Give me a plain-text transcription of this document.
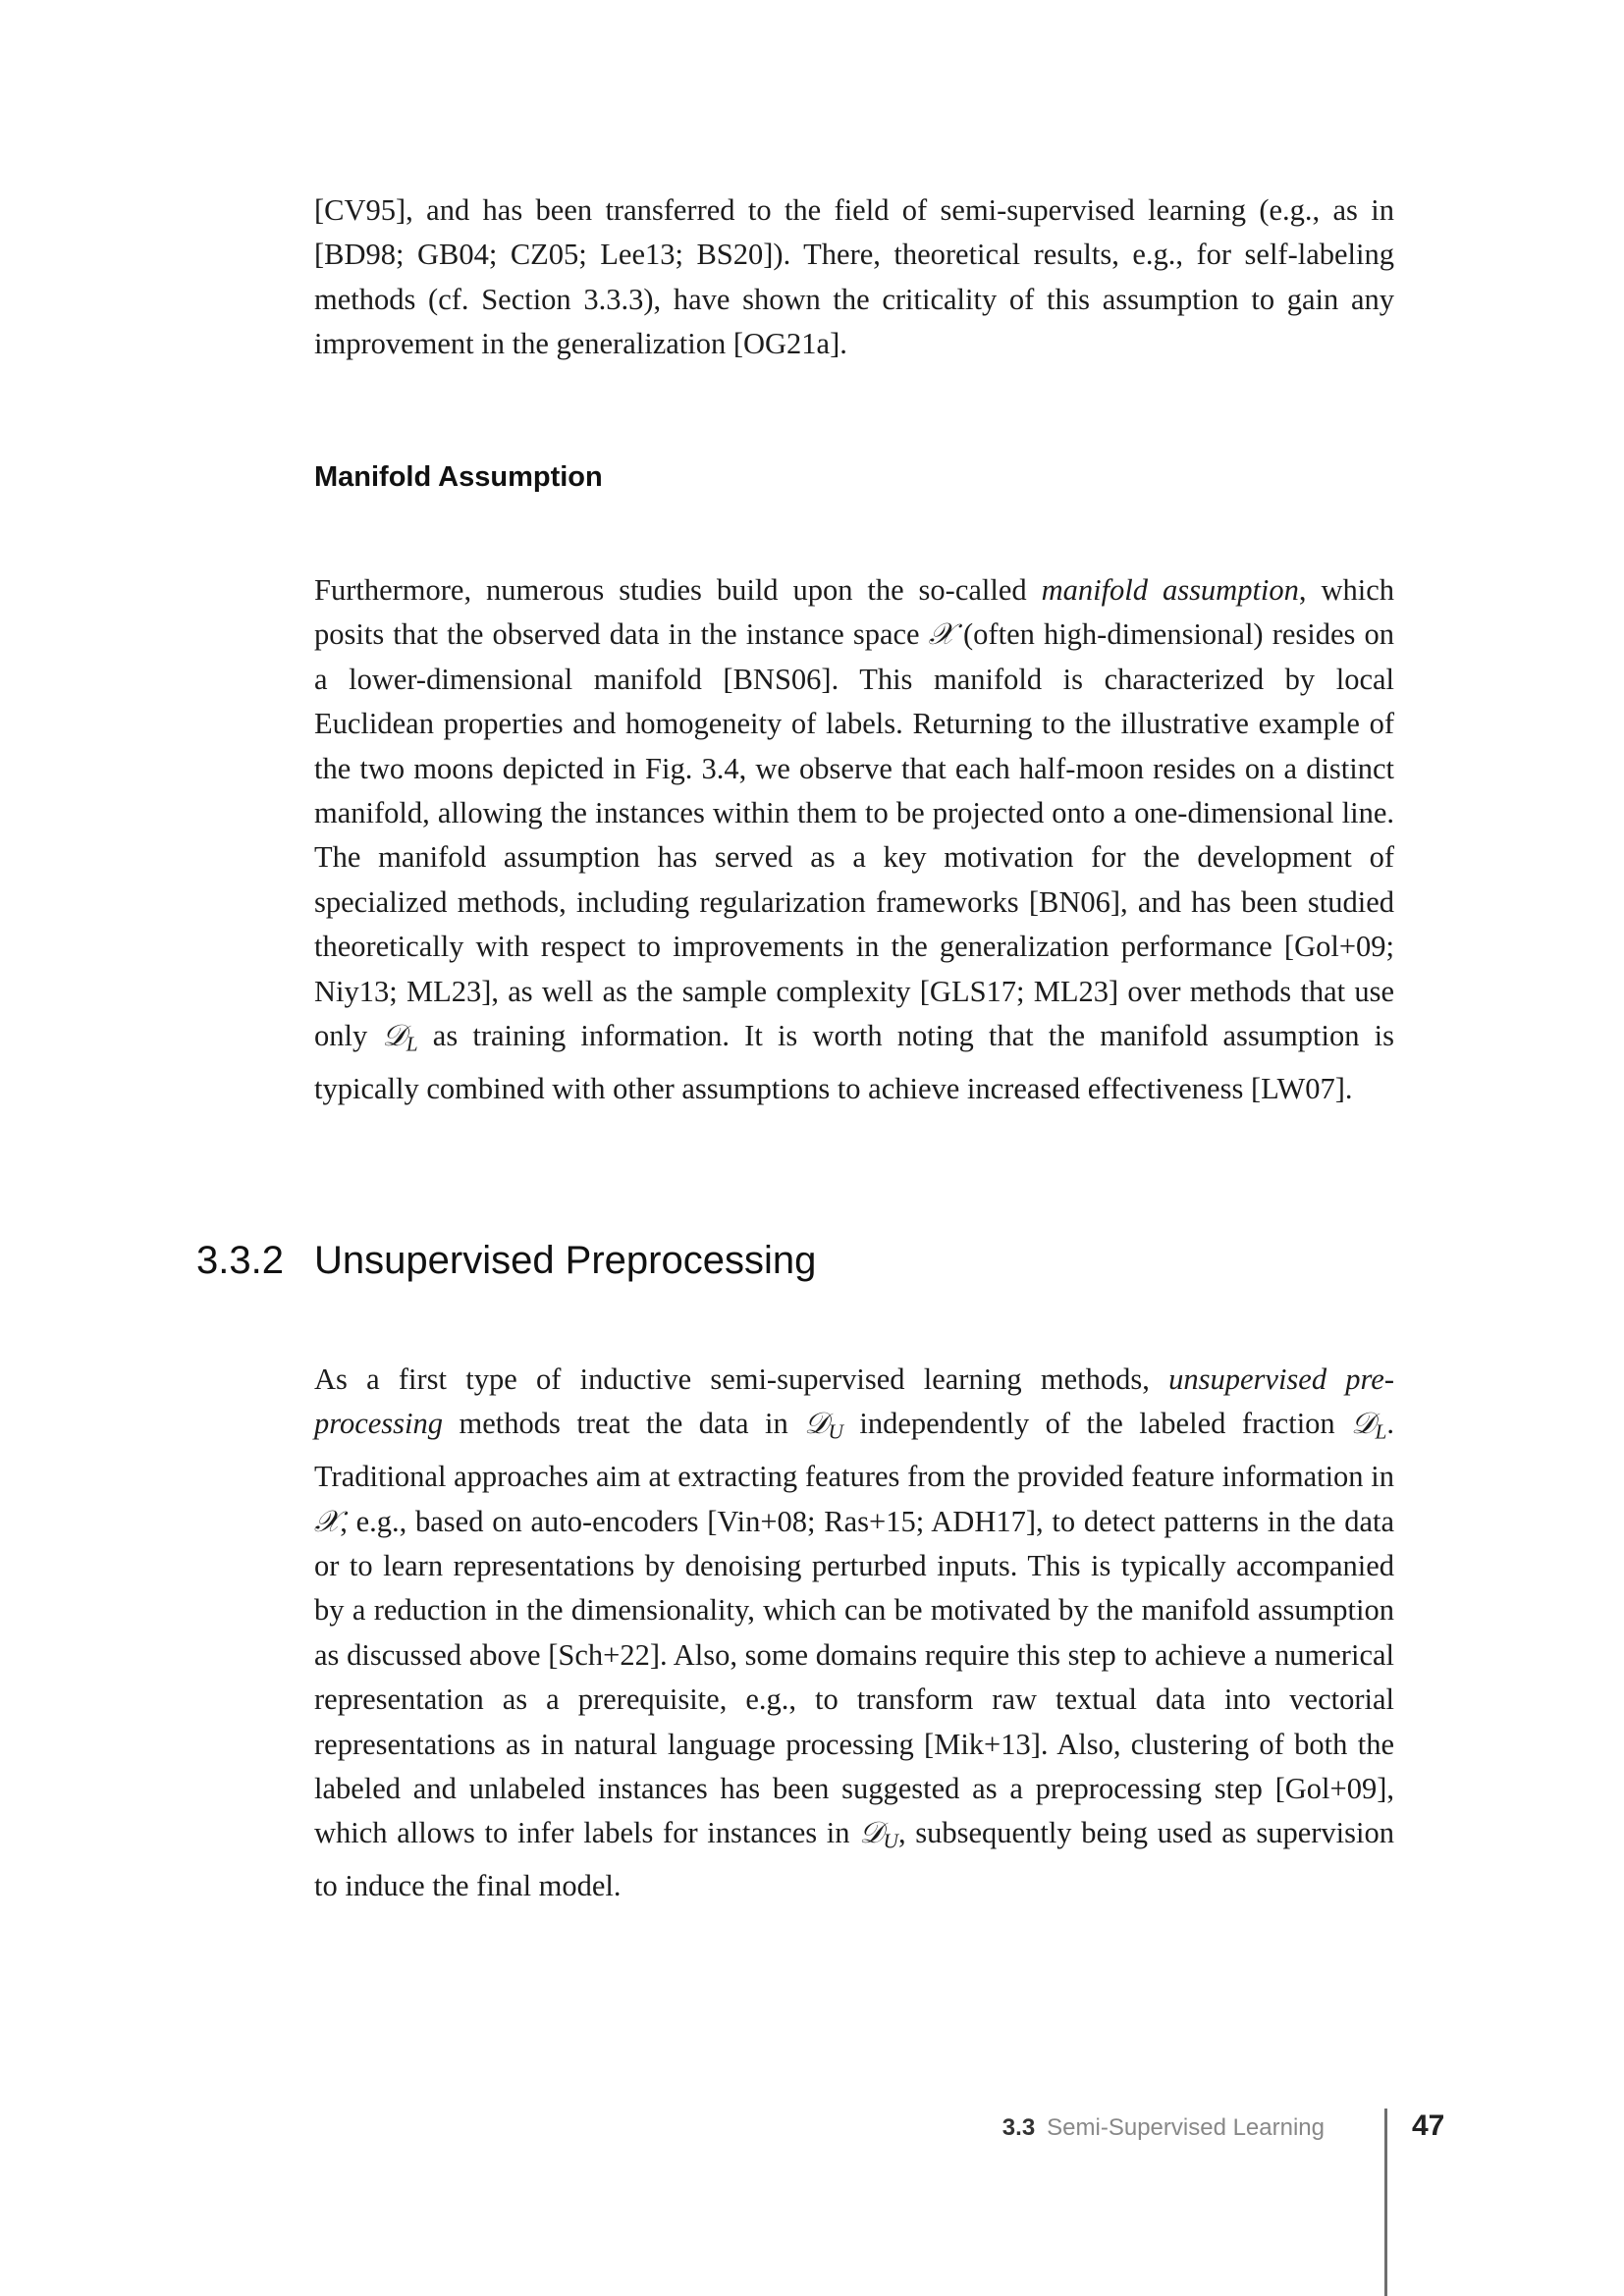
[CV95], and has been transferred to the field of semi-supervised learning (e.g., as in [BD98; GB04; CZ05; Lee13; BS20]). There, theoretical results, e.g., for self-labeling methods (cf. Section 3.3.3), have shown the criticality of this assumption to gain any improvement in the generalization [OG21a].

Manifold Assumption

Furthermore, numerous studies build upon the so-called manifold assumption, which posits that the observed data in the instance space 𝒳 (often high-dimensional) resides on a lower-dimensional manifold [BNS06]. This manifold is characterized by local Euclidean properties and homogeneity of labels. Returning to the illustrative example of the two moons depicted in Fig. 3.4, we observe that each half-moon resides on a distinct manifold, allowing the instances within them to be projected onto a one-dimensional line. The manifold assumption has served as a key motivation for the development of specialized methods, including regularization frameworks [BN06], and has been studied theoretically with respect to improvements in the generalization performance [Gol+09; Niy13; ML23], as well as the sample complexity [GLS17; ML23] over methods that use only 𝒟$_L$ as training information. It is worth noting that the manifold assumption is typically combined with other assumptions to achieve increased effectiveness [LW07].

3.3.2 Unsupervised Preprocessing

As a first type of inductive semi-supervised learning methods, unsupervised preprocessing methods treat the data in 𝒟$_U$ independently of the labeled fraction 𝒟$_L$. Traditional approaches aim at extracting features from the provided feature information in 𝒳, e.g., based on auto-encoders [Vin+08; Ras+15; ADH17], to detect patterns in the data or to learn representations by denoising perturbed inputs. This is typically accompanied by a reduction in the dimensionality, which can be motivated by the manifold assumption as discussed above [Sch+22]. Also, some domains require this step to achieve a numerical representation as a prerequisite, e.g., to transform raw textual data into vectorial representations as in natural language processing [Mik+13]. Also, clustering of both the labeled and unlabeled instances has been suggested as a preprocessing step [Gol+09], which allows to infer labels for instances in 𝒟$_U$, subsequently being used as supervision to induce the final model.

3.3 Semi-Supervised Learning	47
